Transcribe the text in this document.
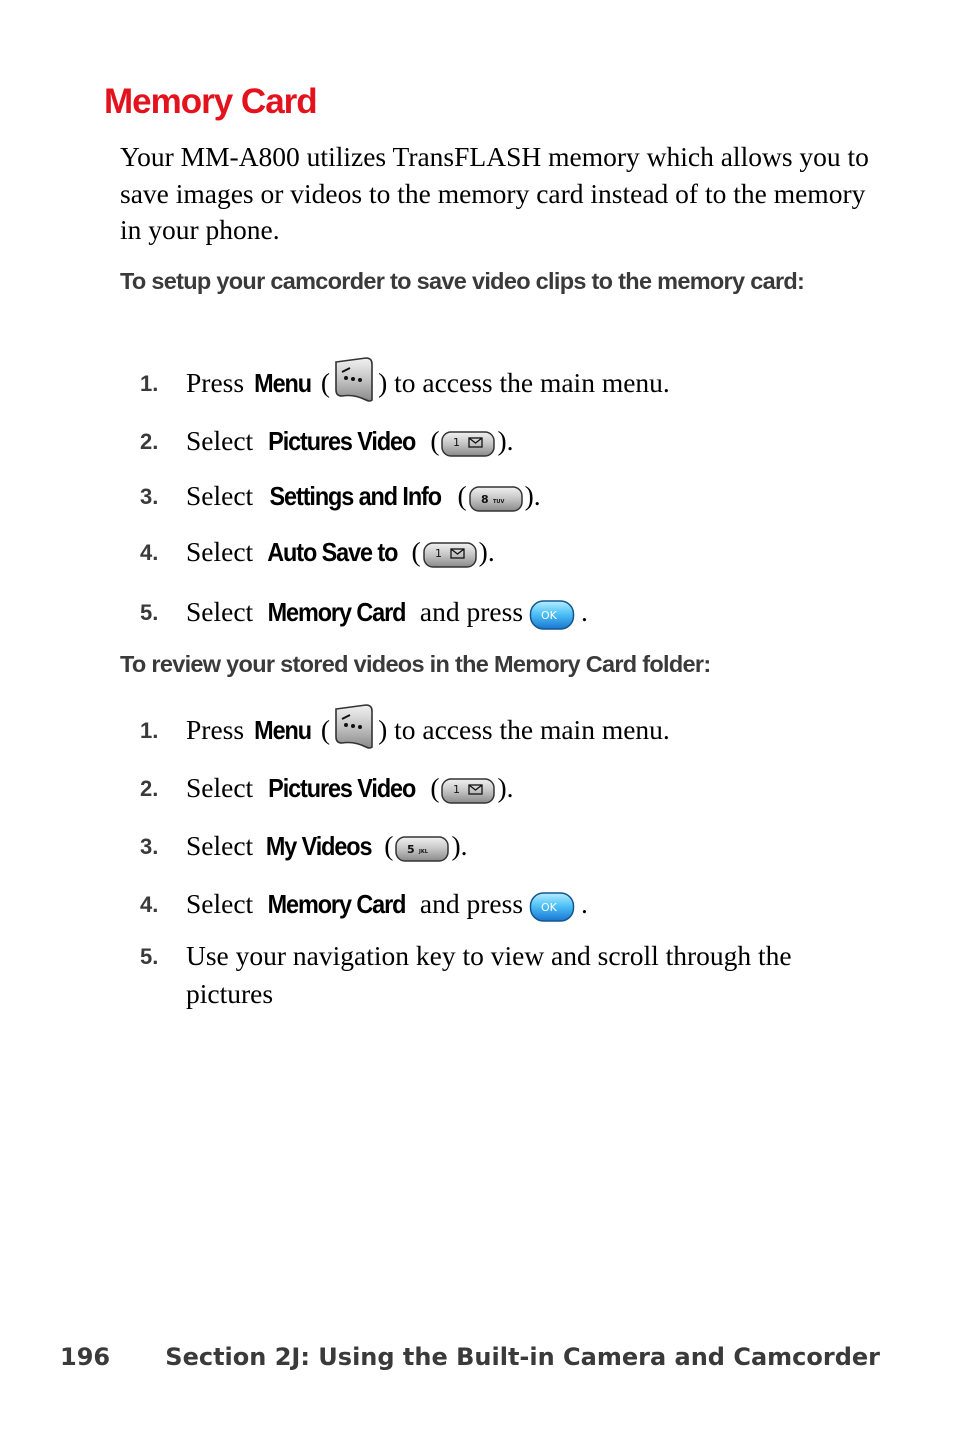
Memory Card

Your MM-A800 utilizes TransFLASH memory which allows you to save images or videos to the memory card instead of to the memory in your phone.

To setup your camcorder to save video clips to the memory card:

1. Press Menu ( ) to access the main menu.
2. Select Pictures Video ( 1 ).
3. Select Settings and Info ( 8 TUV ).
4. Select Auto Save to ( 1 ).
5. Select Memory Card and press OK .

To review your stored videos in the Memory Card folder:

1. Press Menu ( ) to access the main menu.
2. Select Pictures Video ( 1 ).
3. Select My Videos ( 5 JKL ).
4. Select Memory Card and press OK .
5. Use your navigation key to view and scroll through the pictures

196 Section 2J: Using the Built-in Camera and Camcorder
